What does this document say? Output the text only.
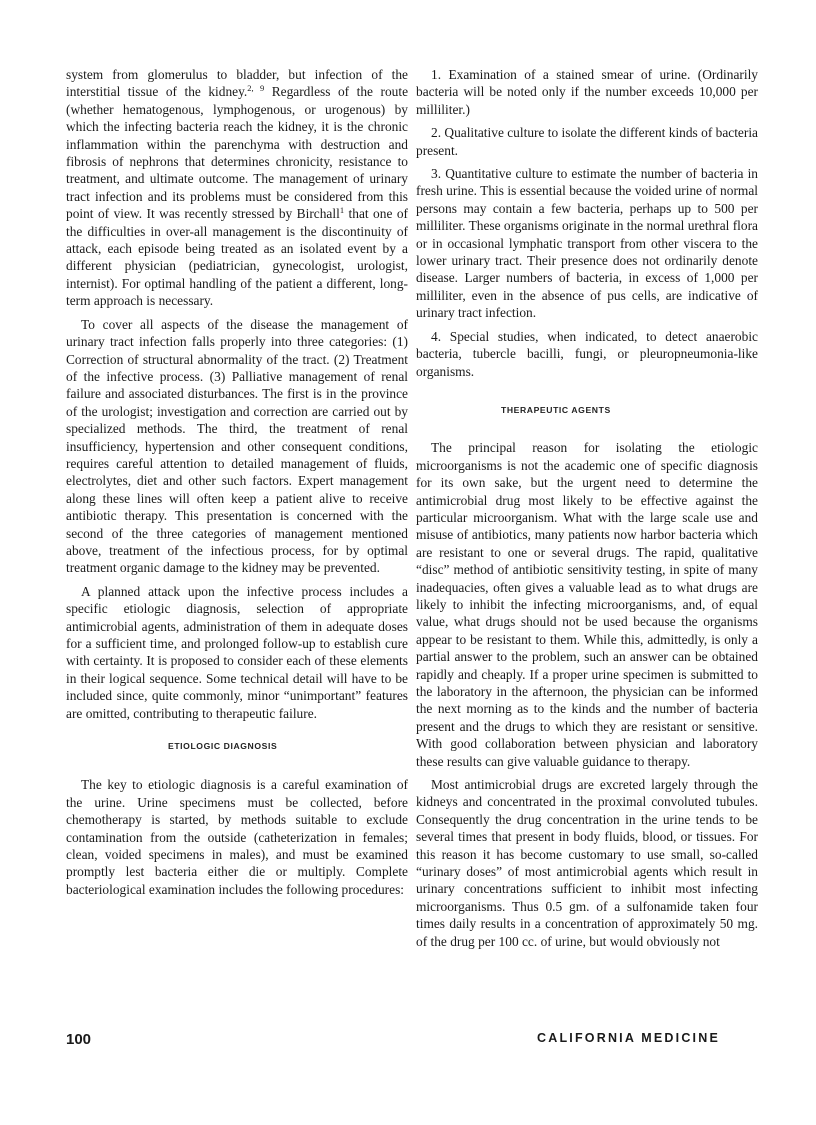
system from glomerulus to bladder, but infection of the interstitial tissue of the kidney.$^{2, 9}$ Regardless of the route (whether hematogenous, lymphogenous, or urogenous) by which the infecting bacteria reach the kidney, it is the chronic inflammation within the parenchyma with destruction and fibrosis of nephrons that determines chronicity, resistance to treatment, and ultimate outcome. The management of urinary tract infection and its problems must be considered from this point of view. It was recently stressed by Birchall$^1$ that one of the difficulties in over-all management is the discontinuity of attack, each episode being treated as an isolated event by a different physician (pediatrician, gynecologist, urologist, internist). For optimal handling of the patient a different, long-term approach is necessary.

To cover all aspects of the disease the management of urinary tract infection falls properly into three categories: (1) Correction of structural abnormality of the tract. (2) Treatment of the infective process. (3) Palliative management of renal failure and associated disturbances. The first is in the province of the urologist; investigation and correction are carried out by specialized methods. The third, the treatment of renal insufficiency, hypertension and other consequent conditions, requires careful attention to detailed management of fluids, electrolytes, diet and other such factors. Expert management along these lines will often keep a patient alive to receive antibiotic therapy. This presentation is concerned with the second of the three categories of management mentioned above, treatment of the infectious process, for by optimal treatment organic damage to the kidney may be prevented.

A planned attack upon the infective process includes a specific etiologic diagnosis, selection of appropriate antimicrobial agents, administration of them in adequate doses for a sufficient time, and prolonged follow-up to establish cure with certainty. It is proposed to consider each of these elements in their logical sequence. Some technical detail will have to be included since, quite commonly, minor “unimportant” features are omitted, contributing to therapeutic failure.

ETIOLOGIC DIAGNOSIS

The key to etiologic diagnosis is a careful examination of the urine. Urine specimens must be collected, before chemotherapy is started, by methods suitable to exclude contamination from the outside (catheterization in females; clean, voided specimens in males), and must be examined promptly lest bacteria either die or multiply. Complete bacteriological examination includes the following procedures:

1. Examination of a stained smear of urine. (Ordinarily bacteria will be noted only if the number exceeds 10,000 per milliliter.)
2. Qualitative culture to isolate the different kinds of bacteria present.
3. Quantitative culture to estimate the number of bacteria in fresh urine. This is essential because the voided urine of normal persons may contain a few bacteria, perhaps up to 500 per milliliter. These organisms originate in the normal urethral flora or in occasional lymphatic transport from other viscera to the lower urinary tract. Their presence does not ordinarily denote disease. Larger numbers of bacteria, in excess of 1,000 per milliliter, even in the absence of pus cells, are indicative of urinary tract infection.
4. Special studies, when indicated, to detect anaerobic bacteria, tubercle bacilli, fungi, or pleuropneumonia-like organisms.
THERAPEUTIC AGENTS

The principal reason for isolating the etiologic microorganisms is not the academic one of specific diagnosis for its own sake, but the urgent need to determine the antimicrobial drug most likely to be effective against the particular microorganism. What with the large scale use and misuse of antibiotics, many patients now harbor bacteria which are resistant to one or several drugs. The rapid, qualitative “disc” method of antibiotic sensitivity testing, in spite of many inadequacies, often gives a valuable lead as to what drugs are likely to inhibit the infecting microorganisms, and, of equal value, what drugs should not be used because the organisms appear to be resistant to them. While this, admittedly, is only a partial answer to the problem, such an answer can be obtained rapidly and cheaply. If a proper urine specimen is submitted to the laboratory in the afternoon, the physician can be informed the next morning as to the kinds and the number of bacteria present and the drugs to which they are resistant or sensitive. With good collaboration between physician and laboratory these results can give valuable guidance to therapy.

Most antimicrobial drugs are excreted largely through the kidneys and concentrated in the proximal convoluted tubules. Consequently the drug concentration in the urine tends to be several times that present in body fluids, blood, or tissues. For this reason it has become customary to use small, so-called “urinary doses” of most antimicrobial agents which result in urinary concentrations sufficient to inhibit most infecting microorganisms. Thus 0.5 gm. of a sulfonamide taken four times daily results in a concentration of approximately 50 mg. of the drug per 100 cc. of urine, but would obviously not

100	CALIFORNIA MEDICINE
